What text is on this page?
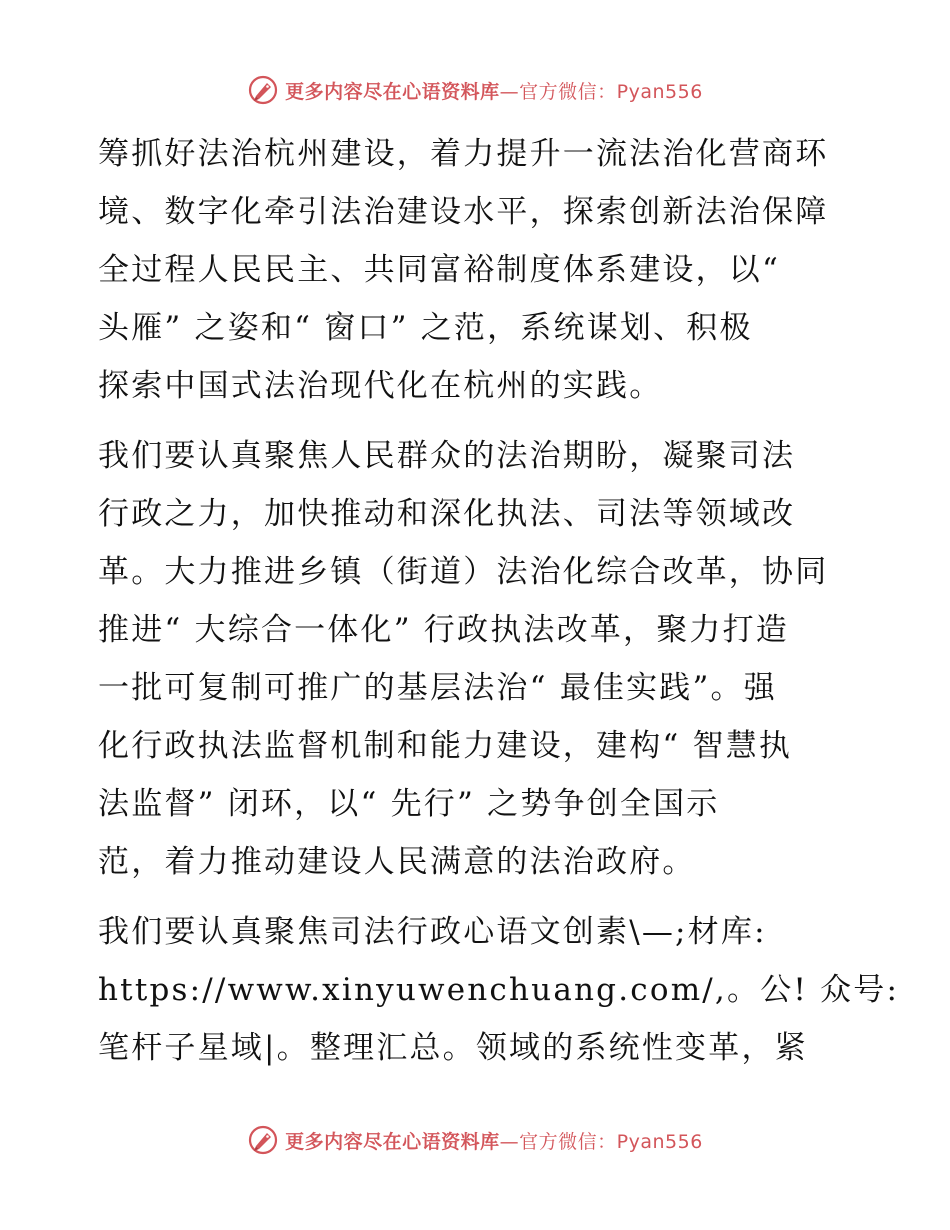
更多内容尽在心语资料库—官方微信：Pyan556

筹抓好法治杭州建设，着力提升一流法治化营商环
境、数字化牵引法治建设水平，探索创新法治保障
全过程人民民主、共同富裕制度体系建设，以“
头雁” 之姿和“ 窗口” 之范，系统谋划、积极
探索中国式法治现代化在杭州的实践。

我们要认真聚焦人民群众的法治期盼，凝聚司法
行政之力，加快推动和深化执法、司法等领域改
革。大力推进乡镇（街道）法治化综合改革，协同
推进“ 大综合一体化” 行政执法改革，聚力打造
一批可复制可推广的基层法治“ 最佳实践”。强
化行政执法监督机制和能力建设，建构“ 智慧执
法监督” 闭环，以“ 先行” 之势争创全国示
范，着力推动建设人民满意的法治政府。

我们要认真聚焦司法行政心语文创素\—;材库:
https://www.xinyuwenchuang.com/,。公! 众号:
笔杆子星域|。整理汇总。领域的系统性变革，紧

更多内容尽在心语资料库—官方微信：Pyan556
